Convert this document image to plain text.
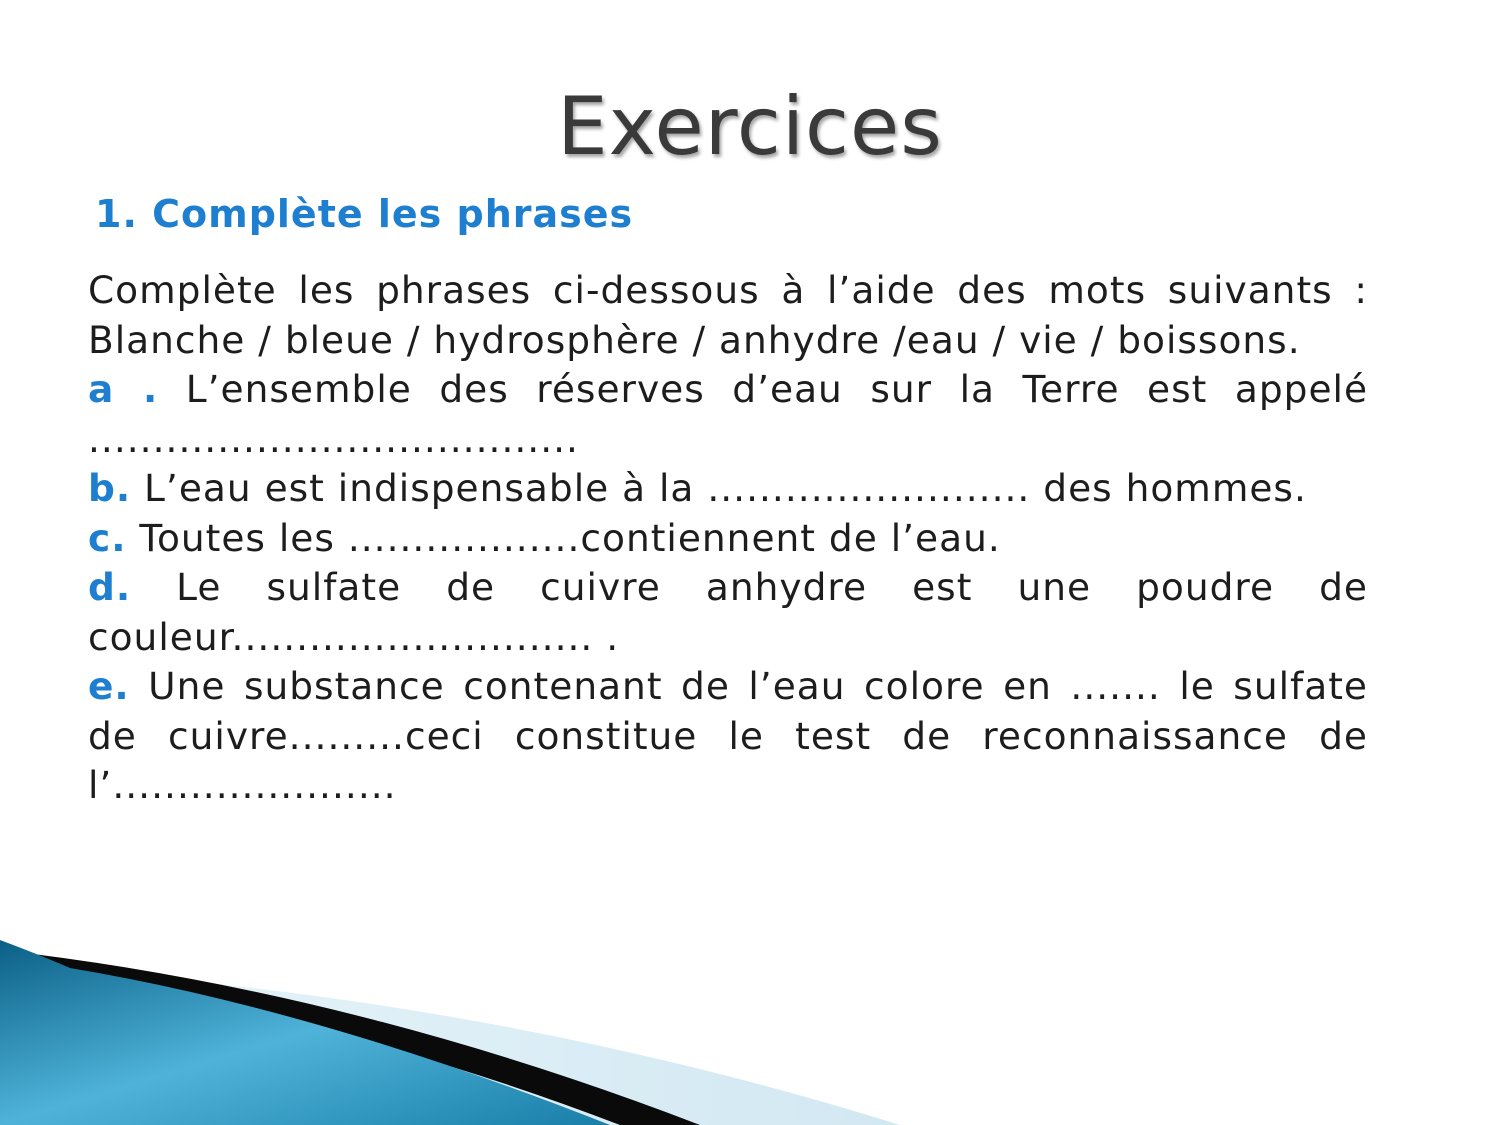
Exercices
1. Complète les phrases

Complète les phrases ci-dessous à l’aide des mots suivants : Blanche / bleue / hydrosphère / anhydre /eau / vie / boissons.

a . L’ensemble des réserves d’eau sur la Terre est appelé ......................................

b. L’eau est indispensable à la ......................... des hommes.

c. Toutes les ..................contiennent de l’eau.

d. Le sulfate de cuivre anhydre est une poudre de couleur............................ .

e. Une substance contenant de l’eau colore en ....... le sulfate de cuivre.........ceci constitue le test de reconnaissance de l’......................
